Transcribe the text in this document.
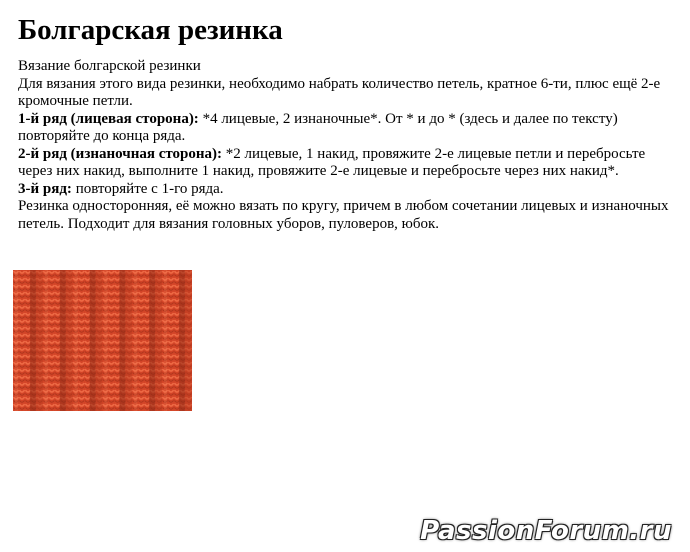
Болгарская резинка

Вязание болгарской резинки

Для вязания этого вида резинки, необходимо набрать количество петель, кратное 6-ти, плюс ещё 2-е кромочные петли.

1-й ряд (лицевая сторона): *4 лицевые, 2 изнаночные*. От * и до * (здесь и далее по тексту) повторяйте до конца ряда.

2-й ряд (изнаночная сторона): *2 лицевые, 1 накид, провяжите 2-е лицевые петли и перебросьте через них накид, выполните 1 накид, провяжите 2-е лицевые и перебросьте через них накид*.

3-й ряд: повторяйте с 1-го ряда.

Резинка односторонняя, её можно вязать по кругу, причем в любом сочетании лицевых и изнаночных петель. Подходит для вязания головных уборов, пуловеров, юбок.

PassionForum.ru
